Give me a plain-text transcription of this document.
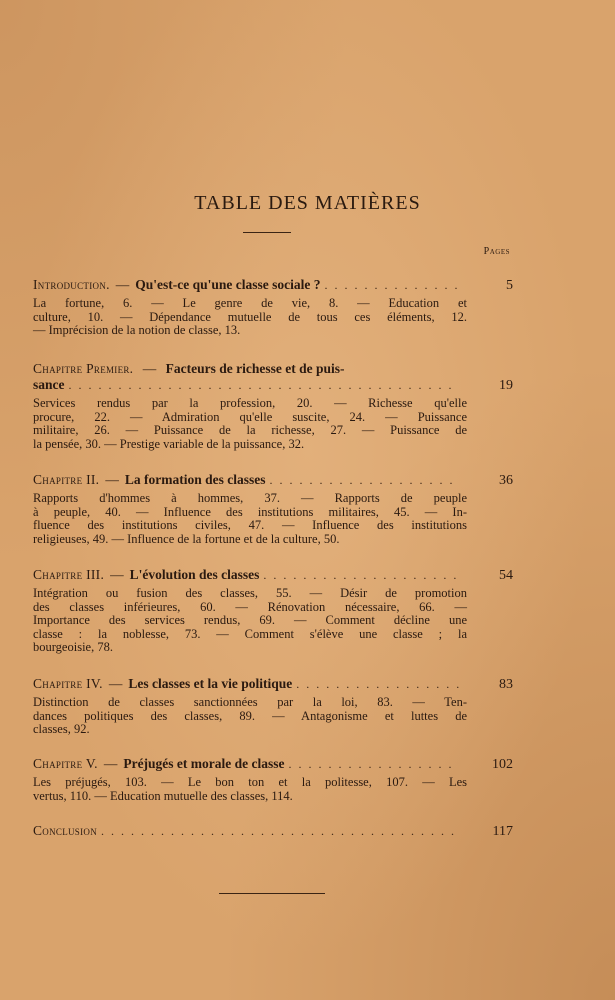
TABLE DES MATIÈRES
Pages
Introduction. — Qu'est-ce qu'une classe sociale ? . . .	5
La fortune, 6. — Le genre de vie, 8. — Education et
culture, 10. — Dépendance mutuelle de tous ces éléments, 12.
— Imprécision de la notion de classe, 13.
Chapitre Premier. — Facteurs de richesse et de puis-
sance . . .	19
Services rendus par la profession, 20. — Richesse qu'elle
procure, 22. — Admiration qu'elle suscite, 24. — Puissance
militaire, 26. — Puissance de la richesse, 27. — Puissance de
la pensée, 30. — Prestige variable de la puissance, 32.
Chapitre II. — La formation des classes . . .	36
Rapports d'hommes à hommes, 37. — Rapports de peuple
à peuple, 40. — Influence des institutions militaires, 45. — In-
fluence des institutions civiles, 47. — Influence des institutions
religieuses, 49. — Influence de la fortune et de la culture, 50.
Chapitre III. — L'évolution des classes . . .	54
Intégration ou fusion des classes, 55. — Désir de promotion
des classes inférieures, 60. — Rénovation nécessaire, 66. —
Importance des services rendus, 69. — Comment décline une
classe : la noblesse, 73. — Comment s'élève une classe ; la
bourgeoisie, 78.
Chapitre IV. — Les classes et la vie politique . . .	83
Distinction de classes sanctionnées par la loi, 83. — Ten-
dances politiques des classes, 89. — Antagonisme et luttes de
classes, 92.
Chapitre V. — Préjugés et morale de classe . . .	102
Les préjugés, 103. — Le bon ton et la politesse, 107. — Les
vertus, 110. — Education mutuelle des classes, 114.
Conclusion . . .	117
